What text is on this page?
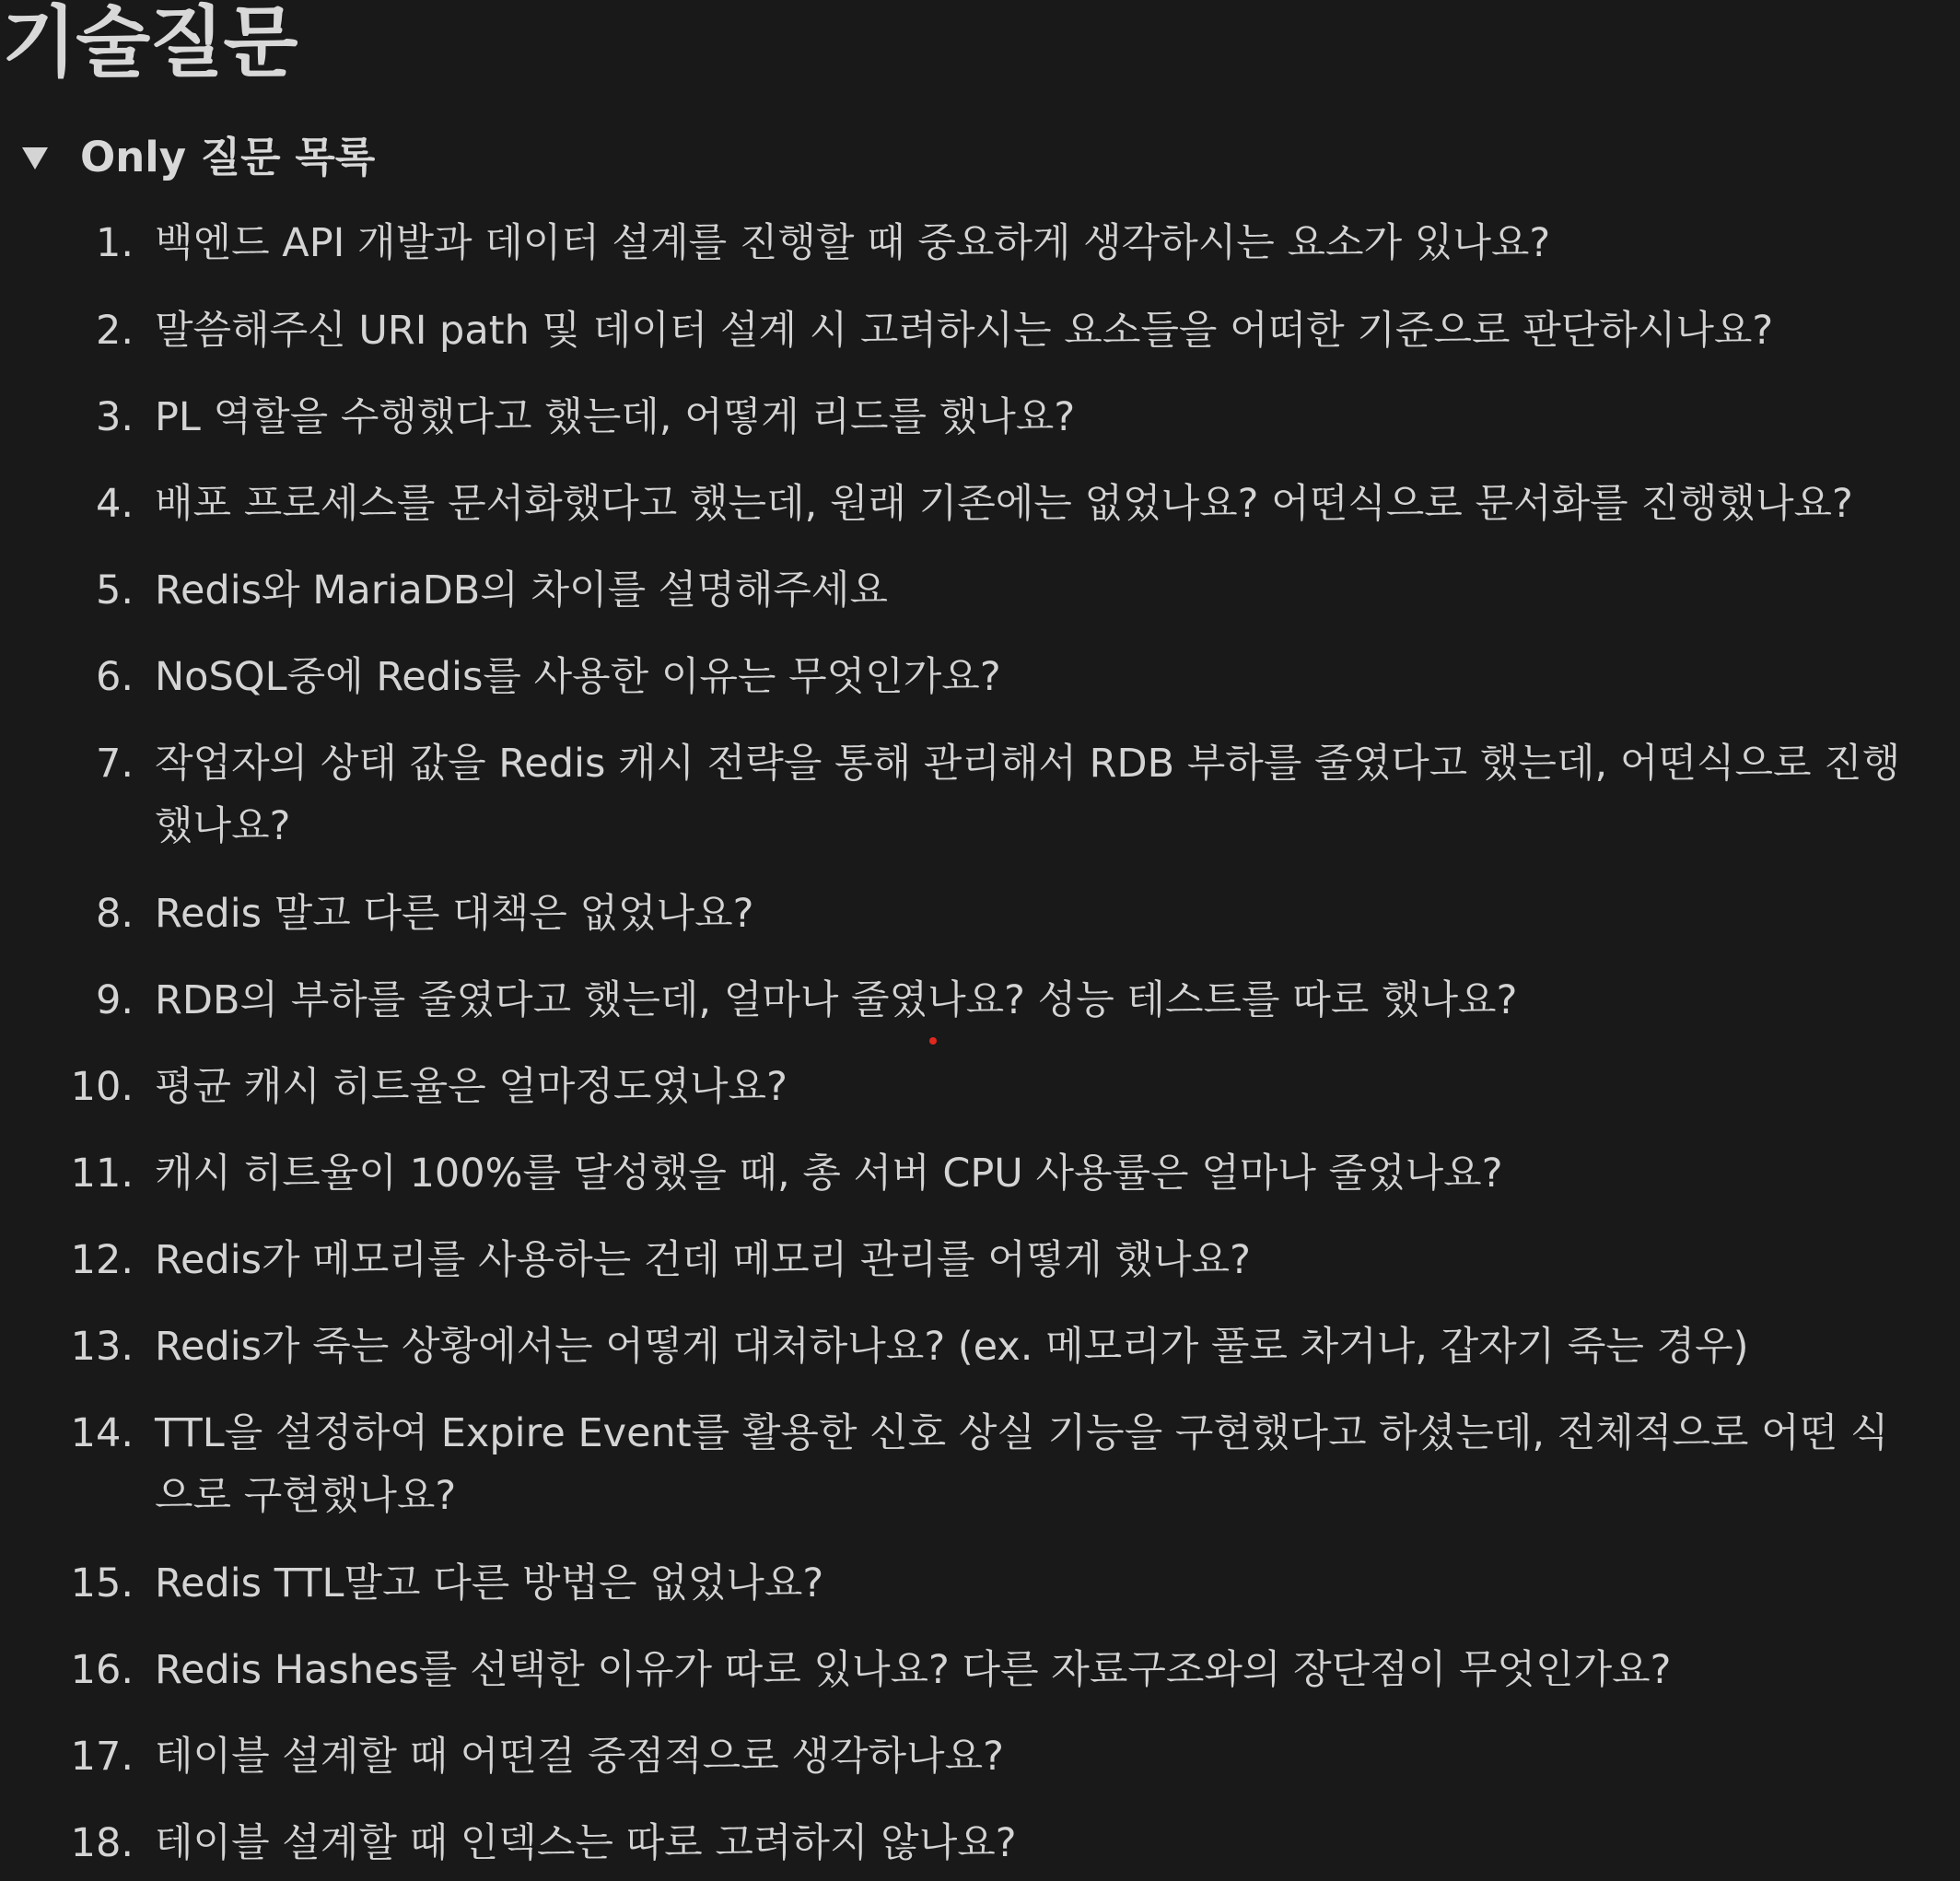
기술질문
Only 질문 목록
1. 백엔드 API 개발과 데이터 설계를 진행할 때 중요하게 생각하시는 요소가 있나요?
2. 말씀해주신 URI path 및 데이터 설계 시 고려하시는 요소들을 어떠한 기준으로 판단하시나요?
3. PL 역할을 수행했다고 했는데, 어떻게 리드를 했나요?
4. 배포 프로세스를 문서화했다고 했는데, 원래 기존에는 없었나요? 어떤식으로 문서화를 진행했나요?
5. Redis와 MariaDB의 차이를 설명해주세요
6. NoSQL중에 Redis를 사용한 이유는 무엇인가요?
7. 작업자의 상태 값을 Redis 캐시 전략을 통해 관리해서 RDB 부하를 줄였다고 했는데, 어떤식으로 진행했나요?
8. Redis 말고 다른 대책은 없었나요?
9. RDB의 부하를 줄였다고 했는데, 얼마나 줄였나요? 성능 테스트를 따로 했나요?
10. 평균 캐시 히트율은 얼마정도였나요?
11. 캐시 히트율이 100%를 달성했을 때, 총 서버 CPU 사용률은 얼마나 줄었나요?
12. Redis가 메모리를 사용하는 건데 메모리 관리를 어떻게 했나요?
13. Redis가 죽는 상황에서는 어떻게 대처하나요? (ex. 메모리가 풀로 차거나, 갑자기 죽는 경우)
14. TTL을 설정하여 Expire Event를 활용한 신호 상실 기능을 구현했다고 하셨는데, 전체적으로 어떤 식으로 구현했나요?
15. Redis TTL말고 다른 방법은 없었나요?
16. Redis Hashes를 선택한 이유가 따로 있나요? 다른 자료구조와의 장단점이 무엇인가요?
17. 테이블 설계할 때 어떤걸 중점적으로 생각하나요?
18. 테이블 설계할 때 인덱스는 따로 고려하지 않나요?
